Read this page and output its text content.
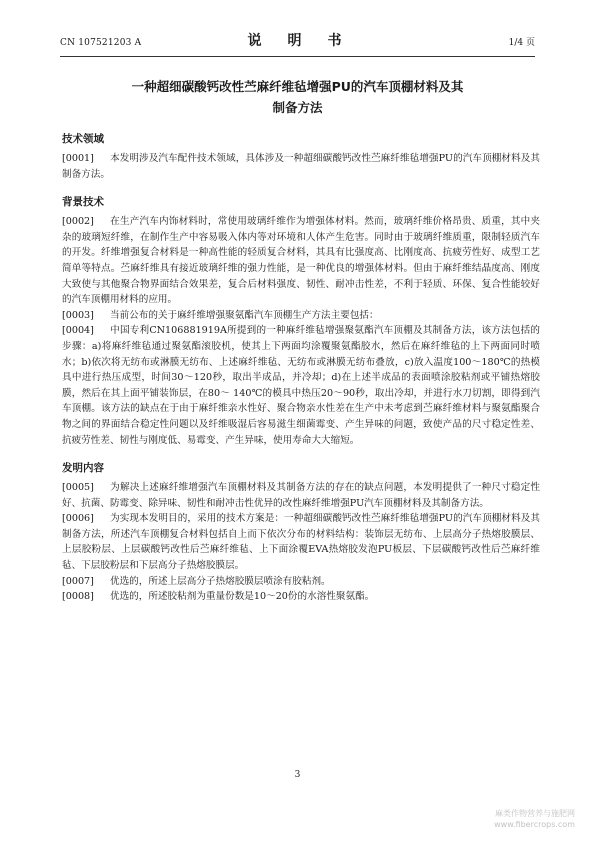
CN 107521203 A	说　明　书	1/4 页
一种超细碳酸钙改性苎麻纤维毡增强PU的汽车顶棚材料及其
制备方法
技术领域

[0001] 本发明涉及汽车配件技术领域，具体涉及一种超细碳酸钙改性苎麻纤维毡增强PU的汽车顶棚材料及其制备方法。

背景技术

[0002] 在生产汽车内饰材料时，常使用玻璃纤维作为增强体材料。然而，玻璃纤维价格昂贵、质重，其中夹杂的玻璃短纤维，在制作生产中容易吸入体内等对环境和人体产生危害。同时由于玻璃纤维质重，限制轻质汽车的开发。纤维增强复合材料是一种高性能的轻质复合材料，其具有比强度高、比刚度高、抗疲劳性好、成型工艺简单等特点。苎麻纤维具有接近玻璃纤维的强力性能，是一种优良的增强体材料。但由于麻纤维结晶度高、刚度大致使与其他聚合物界面结合效果差，复合后材料强度、韧性、耐冲击性差，不利于轻质、环保、复合性能较好的汽车顶棚用材料的应用。

[0003] 当前公布的关于麻纤维增强聚氨酯汽车顶棚生产方法主要包括：

[0004] 中国专利CN106881919A所提到的一种麻纤维毡增强聚氨酯汽车顶棚及其制备方法，该方法包括的步骤：a)将麻纤维毡通过聚氨酯滚胶机，使其上下两面均涂覆聚氨酯胶水，然后在麻纤维毡的上下两面同时喷水；b)依次将无纺布或淋膜无纺布、上述麻纤维毡、无纺布或淋膜无纺布叠放，c)放入温度100～180℃的热模具中进行热压成型，时间30～120秒，取出半成品，并冷却；d)在上述半成品的表面喷涂胶粘剂或平铺热熔胶膜，然后在其上面平铺装饰层，在80～ 140℃的模具中热压20～90秒，取出冷却，并进行水刀切割，即得到汽车顶棚。该方法的缺点在于由于麻纤维亲水性好、聚合物亲水性差在生产中未考虑到苎麻纤维材料与聚氨酯聚合物之间的界面结合稳定性问题以及纤维吸湿后容易滋生细菌霉变、产生异味的问题，致使产品的尺寸稳定性差、抗疲劳性差、韧性与刚度低、易霉变、产生异味，使用寿命大大缩短。

发明内容

[0005] 为解决上述麻纤维增强汽车顶棚材料及其制备方法的存在的缺点问题，本发明提供了一种尺寸稳定性好、抗菌、防霉变、除异味、韧性和耐冲击性优异的改性麻纤维增强PU汽车顶棚材料及其制备方法。

[0006] 为实现本发明目的，采用的技术方案是：一种超细碳酸钙改性苎麻纤维毡增强PU的汽车顶棚材料及其制备方法，所述汽车顶棚复合材料包括自上而下依次分布的材料结构：装饰层无纺布、上层高分子热熔胶膜层、上层胶粉层、上层碳酸钙改性后苎麻纤维毡、上下面涂覆EVA热熔胶发泡PU板层、下层碳酸钙改性后苎麻纤维毡、下层胶粉层和下层高分子热熔胶膜层。

[0007] 优选的，所述上层高分子热熔胶膜层喷涂有胶粘剂。

[0008] 优选的，所述胶粘剂为重量份数是10～20份的水溶性聚氨酯。

3
麻类作物营养与施肥网
www.fibercrops.com
